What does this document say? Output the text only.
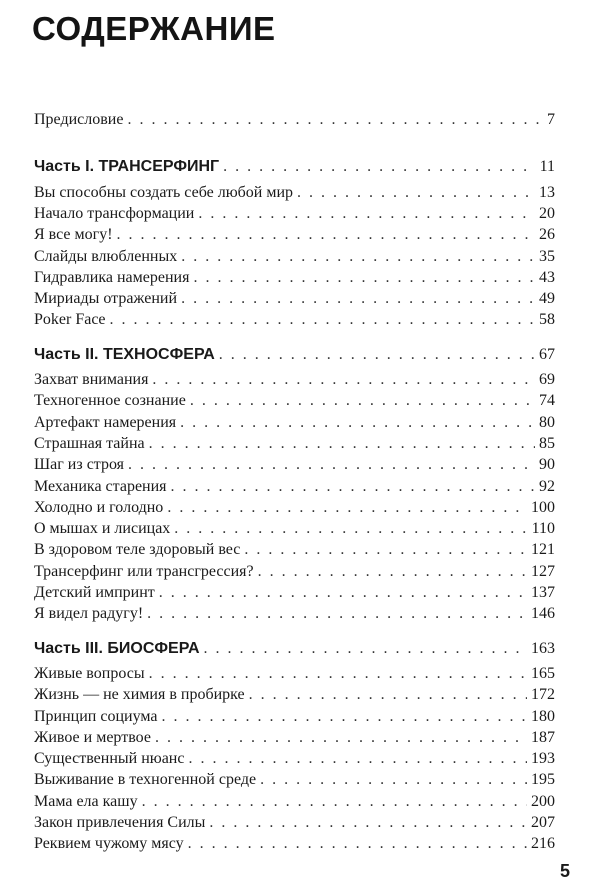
СОДЕРЖАНИЕ
Предисловие . . .	7
Часть I. ТРАНСЕРФИНГ . . .	11
Вы способны создать себе любой мир . . .	13
Начало трансформации . . .	20
Я все могу! . . .	26
Слайды влюбленных . . .	35
Гидравлика намерения . . .	43
Мириады отражений . . .	49
Poker Face . . .	58
Часть II. ТЕХНОСФЕРА . . .	67
Захват внимания . . .	69
Техногенное сознание . . .	74
Артефакт намерения . . .	80
Страшная тайна . . .	85
Шаг из строя . . .	90
Механика старения . . .	92
Холодно и голодно . . .	100
О мышах и лисицах . . .	110
В здоровом теле здоровый вес . . .	121
Трансерфинг или трансгрессия? . . .	127
Детский импринт . . .	137
Я видел радугу! . . .	146
Часть III. БИОСФЕРА . . .	163
Живые вопросы . . .	165
Жизнь — не химия в пробирке . . .	172
Принцип социума . . .	180
Живое и мертвое . . .	187
Существенный нюанс . . .	193
Выживание в техногенной среде . . .	195
Мама ела кашу . . .	200
Закон привлечения Силы . . .	207
Реквием чужому мясу . . .	216
5
